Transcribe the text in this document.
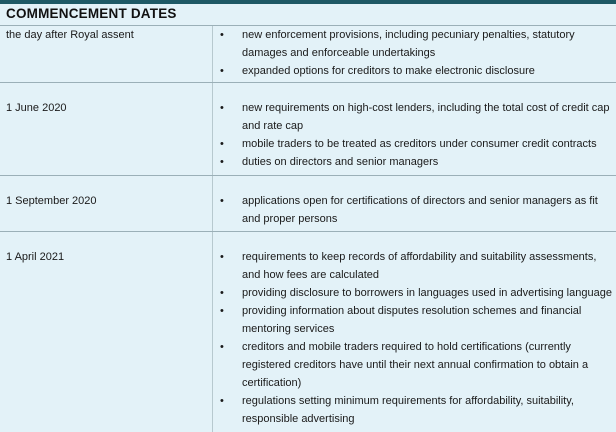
COMMENCEMENT DATES
the day after Royal assent	• new enforcement provisions, including pecuniary penalties, statutory damages and enforceable undertakings
• expanded options for creditors to make electronic disclosure
1 June 2020	• new requirements on high-cost lenders, including the total cost of credit cap and rate cap
• mobile traders to be treated as creditors under consumer credit contracts
• duties on directors and senior managers
1 September 2020	• applications open for certifications of directors and senior managers as fit and proper persons
1 April 2021	• requirements to keep records of affordability and suitability assessments, and how fees are calculated
• providing disclosure to borrowers in languages used in advertising language
• providing information about disputes resolution schemes and financial mentoring services
• creditors and mobile traders required to hold certifications (currently registered creditors have until their next annual confirmation to obtain a certification)
• regulations setting minimum requirements for affordability, suitability, responsible advertising
